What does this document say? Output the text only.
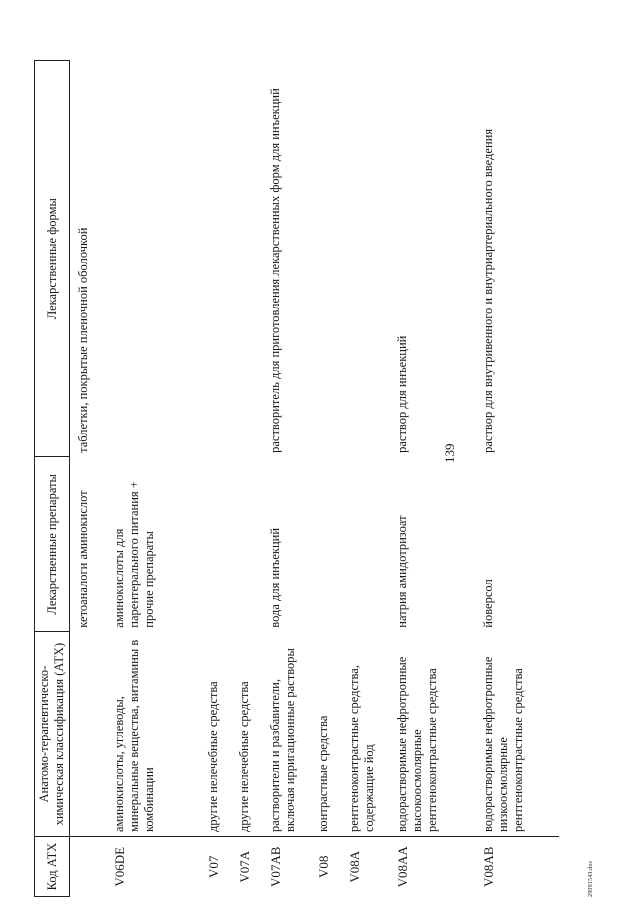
139
Код АТХ	Анатомо-терапевтическо-химическая классификация (АТХ)	Лекарственные препараты	Лекарственные формы
		кетоаналоги аминокислот	таблетки, покрытые пленочной оболочкой
V06DE	аминокислоты, углеводы, минеральные вещества, витамины в комбинации	аминокислоты для парентерального питания + прочие препараты	
V07	другие нелечебные средства		
V07A	другие нелечебные средства		
V07AB	растворители и разбавители, включая ирригационные растворы	вода для инъекций	растворитель для приготовления лекарственных форм для инъекций
V08	контрастные средства		
V08A	рентгеноконтрастные средства, содержащие йод		
V08AA	водорастворимые нефротропные высокоосмолярные рентгеноконтрастные средства	натрия амидотризоат	раствор для инъекций
V08AB	водорастворимые нефротропные низкоосмолярные рентгеноконтрастные средства	йоверсол	раствор для внутривенного и внутриартериального введения
2909154З.doc
